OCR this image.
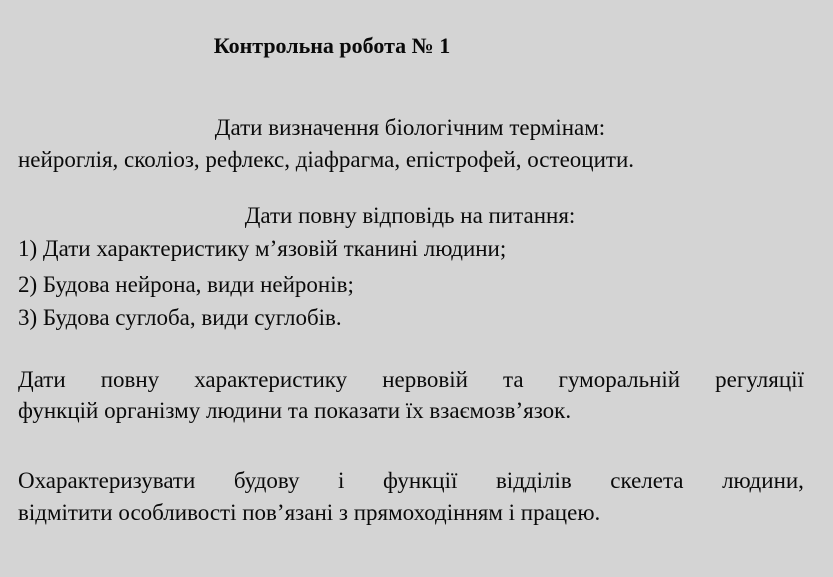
Контрольна робота № 1
Дати визначення біологічним термінам:
нейроглія, сколіоз, рефлекс, діафрагма, епістрофей, остеоцити.
Дати повну відповідь на питання:
1) Дати характеристику м’язовій тканині людини;
2) Будова нейрона, види нейронів;
3) Будова суглоба, види суглобів.
Дати повну характеристику нервовій та гуморальній регуляції
функцій організму людини та показати їх взаємозв’язок.
Охарактеризувати будову і функції відділів скелета людини,
відмітити особливості пов’язані з прямоходінням і працею.
